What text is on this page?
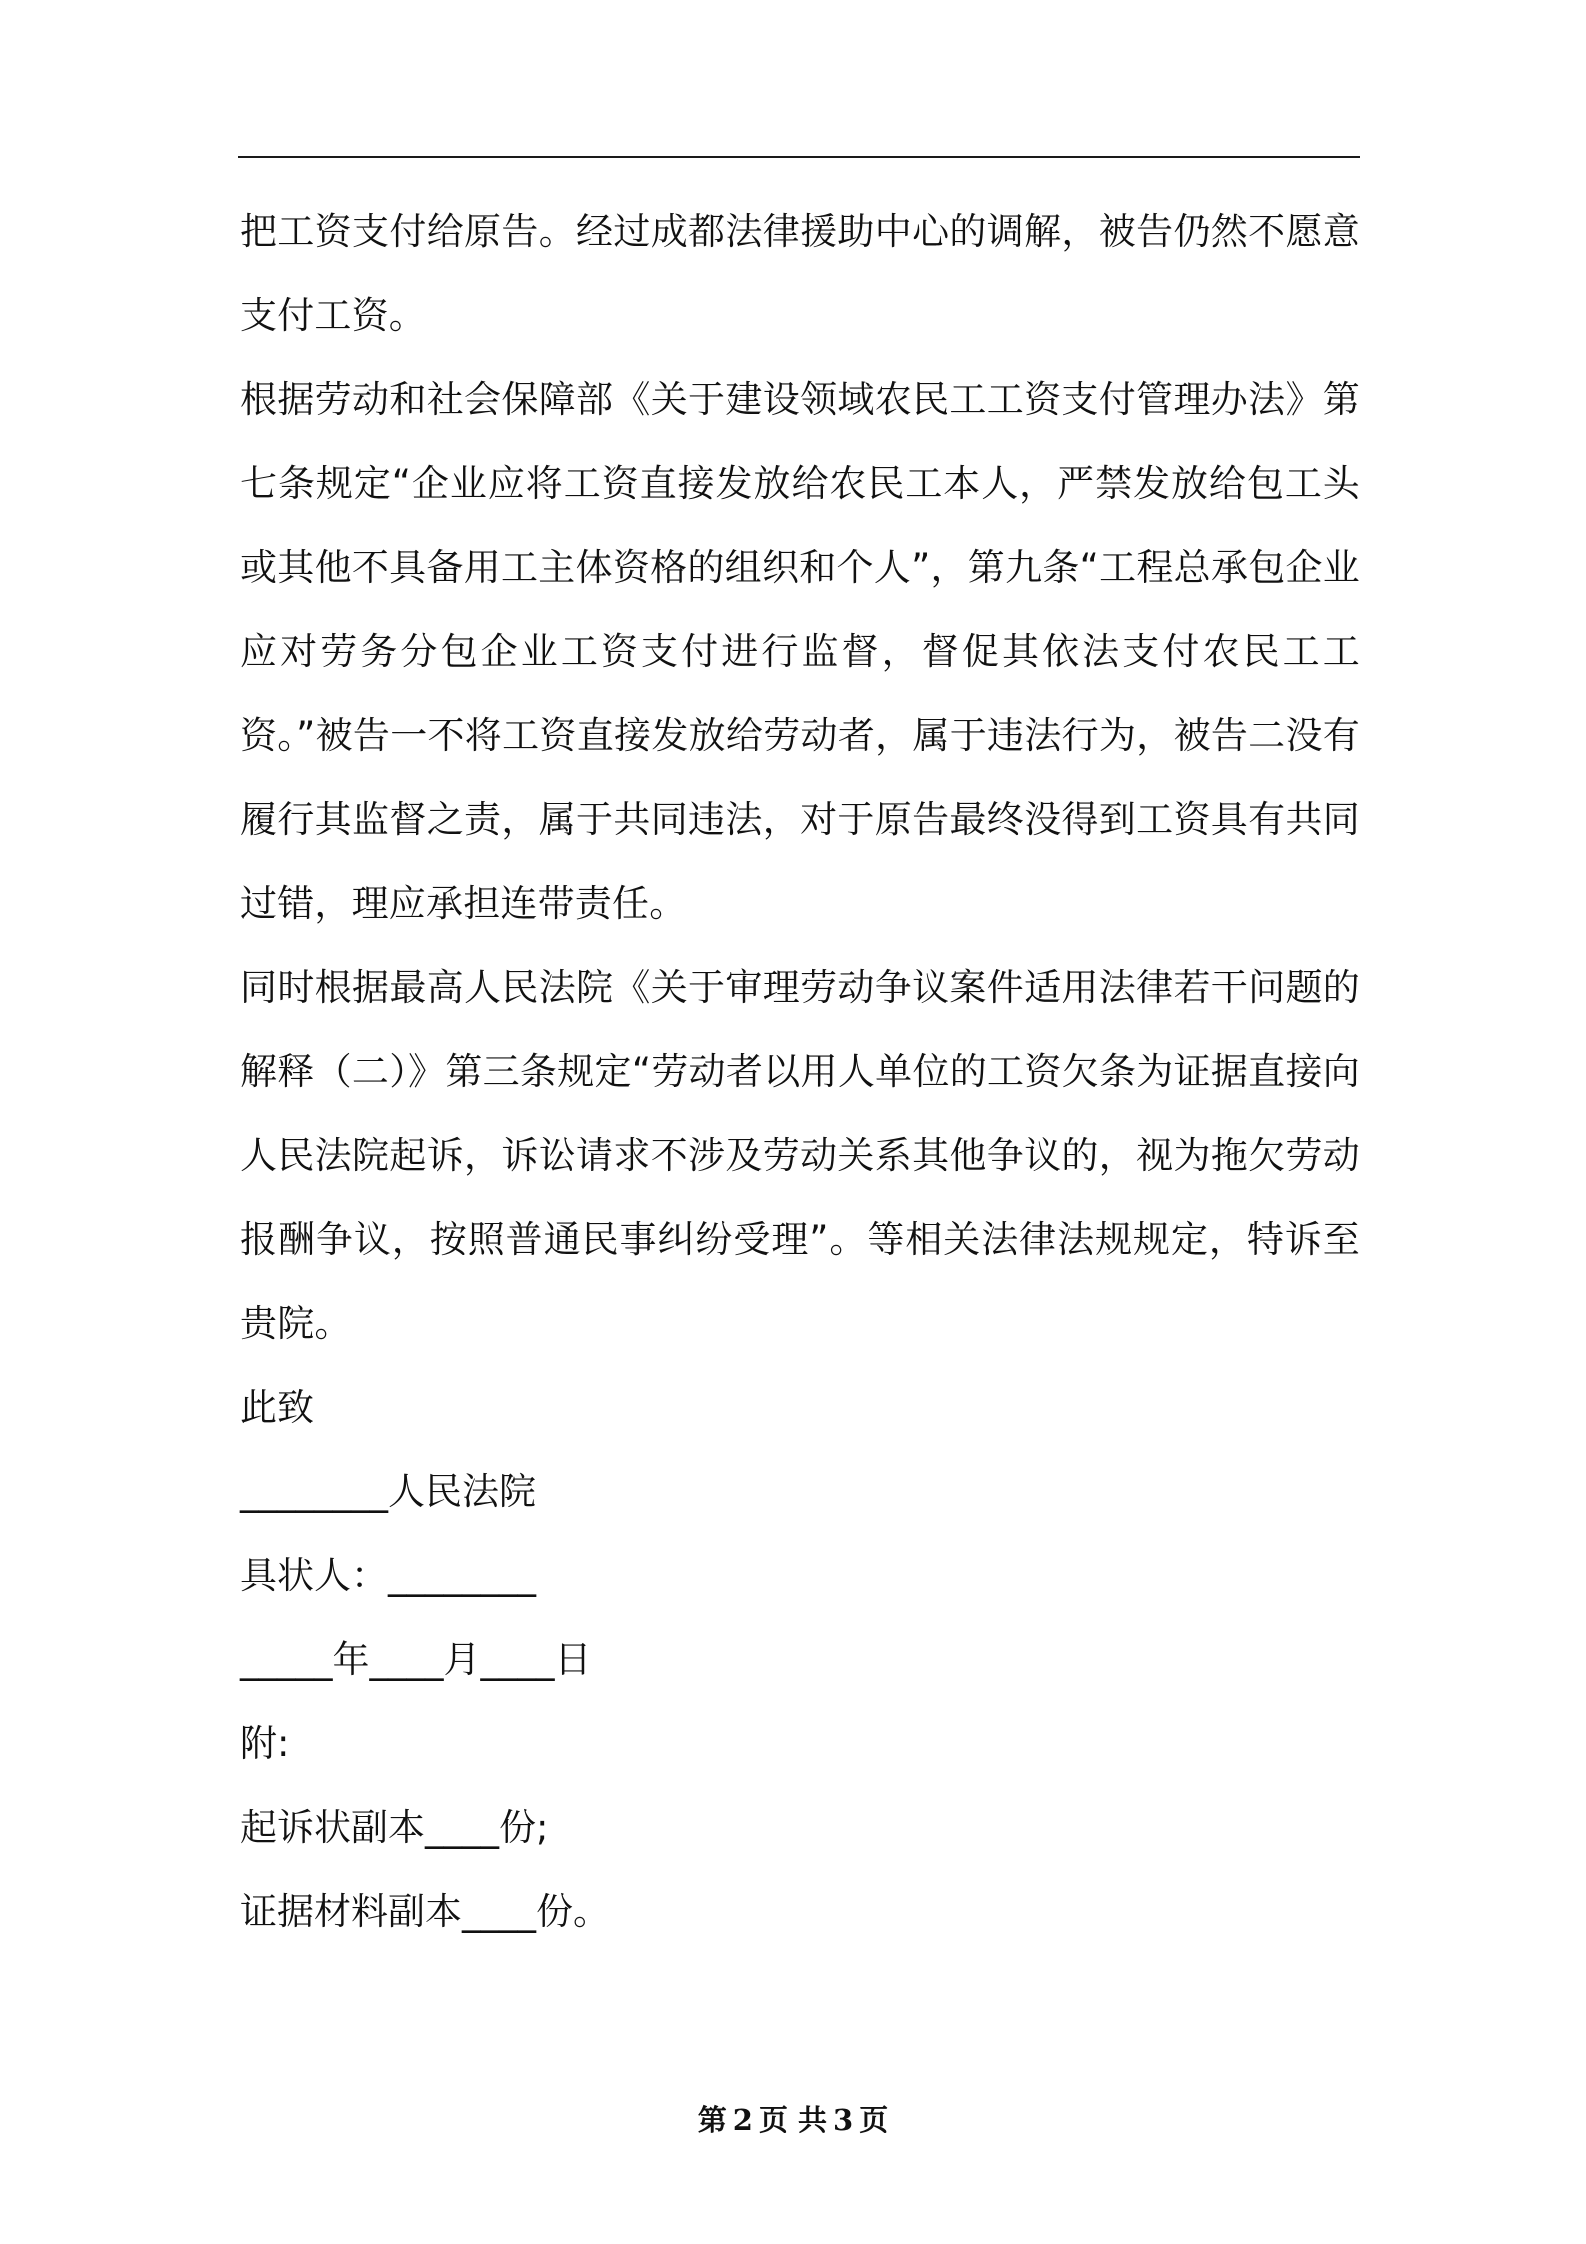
把工资支付给原告。经过成都法律援助中心的调解，被告仍然不愿意支付工资。

根据劳动和社会保障部《关于建设领域农民工工资支付管理办法》第七条规定“企业应将工资直接发放给农民工本人，严禁发放给包工头或其他不具备用工主体资格的组织和个人”，第九条“工程总承包企业应对劳务分包企业工资支付进行监督，督促其依法支付农民工工资。”被告一不将工资直接发放给劳动者，属于违法行为，被告二没有履行其监督之责，属于共同违法，对于原告最终没得到工资具有共同过错，理应承担连带责任。

同时根据最高人民法院《关于审理劳动争议案件适用法律若干问题的解释（二）》第三条规定“劳动者以用人单位的工资欠条为证据直接向人民法院起诉，诉讼请求不涉及劳动关系其他争议的，视为拖欠劳动报酬争议，按照普通民事纠纷受理”。等相关法律法规规定，特诉至贵院。

此致

________人民法院

具状人：________

_____年____月____日

附:

起诉状副本____份;

证据材料副本____份。

第 2 页 共 3 页
